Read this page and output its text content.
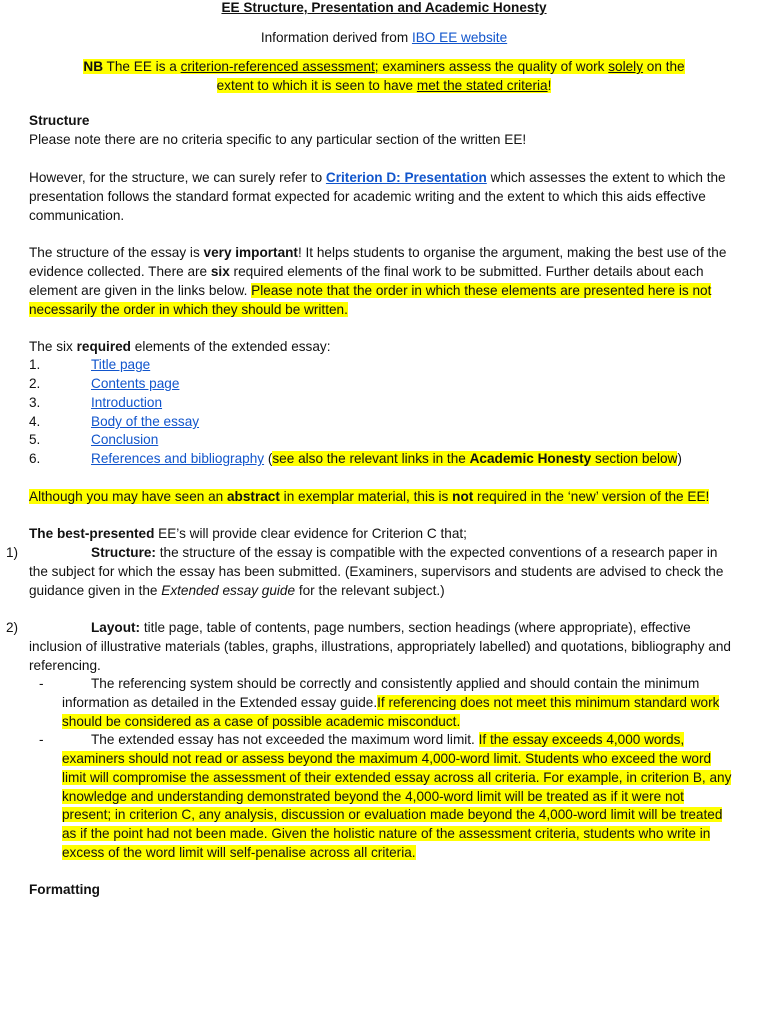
EE Structure, Presentation and Academic Honesty
Information derived from IBO EE website
NB The EE is a criterion-referenced assessment; examiners assess the quality of work solely on the
extent to which it is seen to have met the stated criteria!
Structure
Please note there are no criteria specific to any particular section of the written EE!
However, for the structure, we can surely refer to Criterion D: Presentation which assesses the extent to which the
presentation follows the standard format expected for academic writing and the extent to which this aids effective
communication.
The structure of the essay is very important! It helps students to organise the argument, making the best use of the
evidence collected. There are six required elements of the final work to be submitted. Further details about each
element are given in the links below. Please note that the order in which these elements are presented here is not
necessarily the order in which they should be written.
The six required elements of the extended essay:
1.	Title page
2.	Contents page
3.	Introduction
4.	Body of the essay
5.	Conclusion
6.	References and bibliography (see also the relevant links in the Academic Honesty section below)
Although you may have seen an abstract in exemplar material, this is not required in the ‘new’ version of the EE!
The best-presented EE’s will provide clear evidence for Criterion C that;
1)	Structure: the structure of the essay is compatible with the expected conventions of a research paper in
the subject for which the essay has been submitted. (Examiners, supervisors and students are advised to check the
guidance given in the Extended essay guide for the relevant subject.)
2)	Layout: title page, table of contents, page numbers, section headings (where appropriate), effective
inclusion of illustrative materials (tables, graphs, illustrations, appropriately labelled) and quotations, bibliography and
referencing.
-	The referencing system should be correctly and consistently applied and should contain the minimum
information as detailed in the Extended essay guide.If referencing does not meet this minimum standard work
should be considered as a case of possible academic misconduct.
-	The extended essay has not exceeded the maximum word limit. If the essay exceeds 4,000 words,
examiners should not read or assess beyond the maximum 4,000-word limit. Students who exceed the word
limit will compromise the assessment of their extended essay across all criteria. For example, in criterion B, any
knowledge and understanding demonstrated beyond the 4,000-word limit will be treated as if it were not
present; in criterion C, any analysis, discussion or evaluation made beyond the 4,000-word limit will be treated
as if the point had not been made. Given the holistic nature of the assessment criteria, students who write in
excess of the word limit will self-penalise across all criteria.
Formatting
